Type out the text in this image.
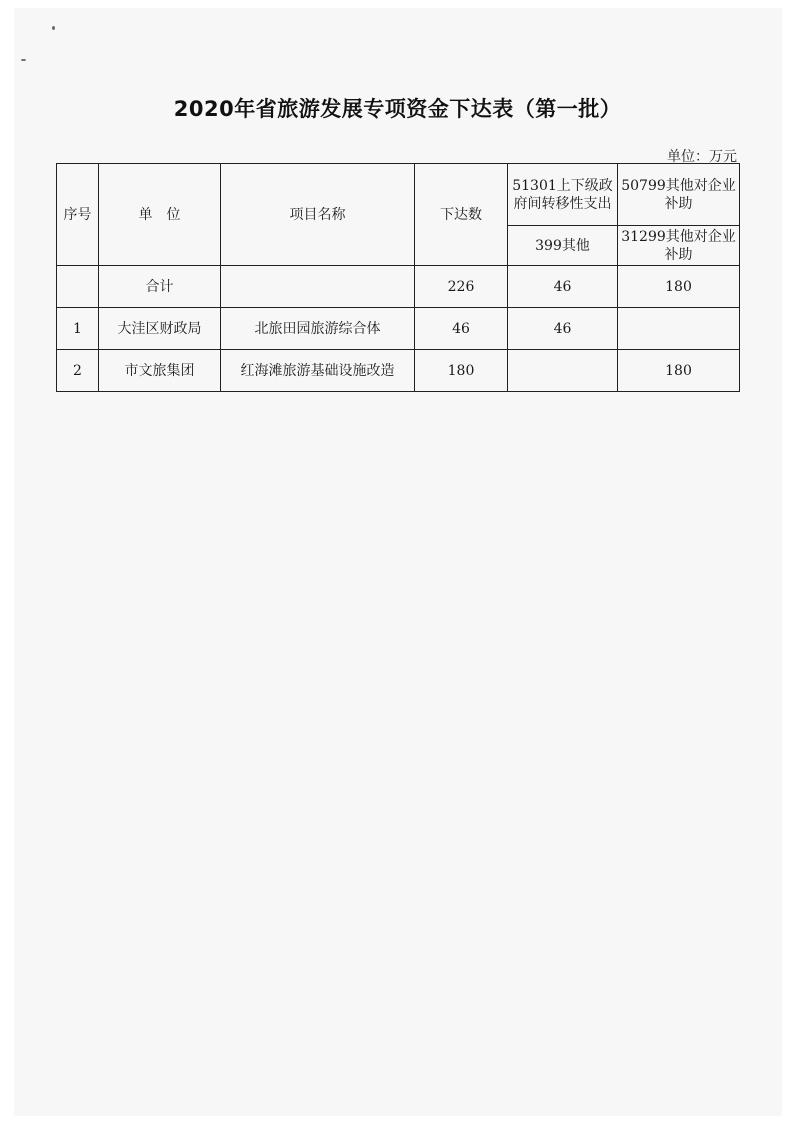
2020年省旅游发展专项资金下达表（第一批）
单位：万元
序号	单　位	项目名称	下达数	51301上下级政府间转移性支出	50799其他对企业补助
				399其他	31299其他对企业补助
	合计		226	46	180
1	大洼区财政局	北旅田园旅游综合体	46	46	
2	市文旅集团	红海滩旅游基础设施改造	180		180
